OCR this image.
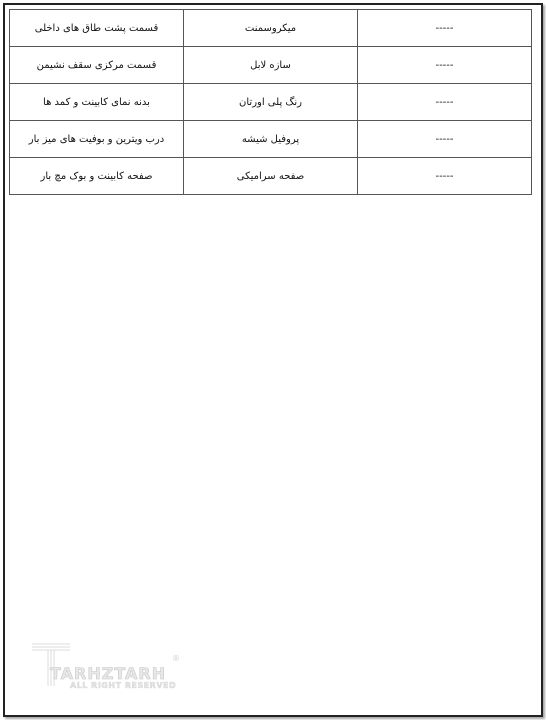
قسمت پشت طاق های داخلی	میکروسمنت	-----
قسمت مرکزی سقف نشیمن	سازه لابل	-----
بدنه نمای کابینت و کمد ها	رنگ پلی اورتان	-----
درب ویترین و بوفیت های میز بار	پروفیل شیشه	-----
صفحه کابینت و بوک مچ بار	صفحه سرامیکی	-----
TARHZTARH
ALL RIGHT RESERVED
®
